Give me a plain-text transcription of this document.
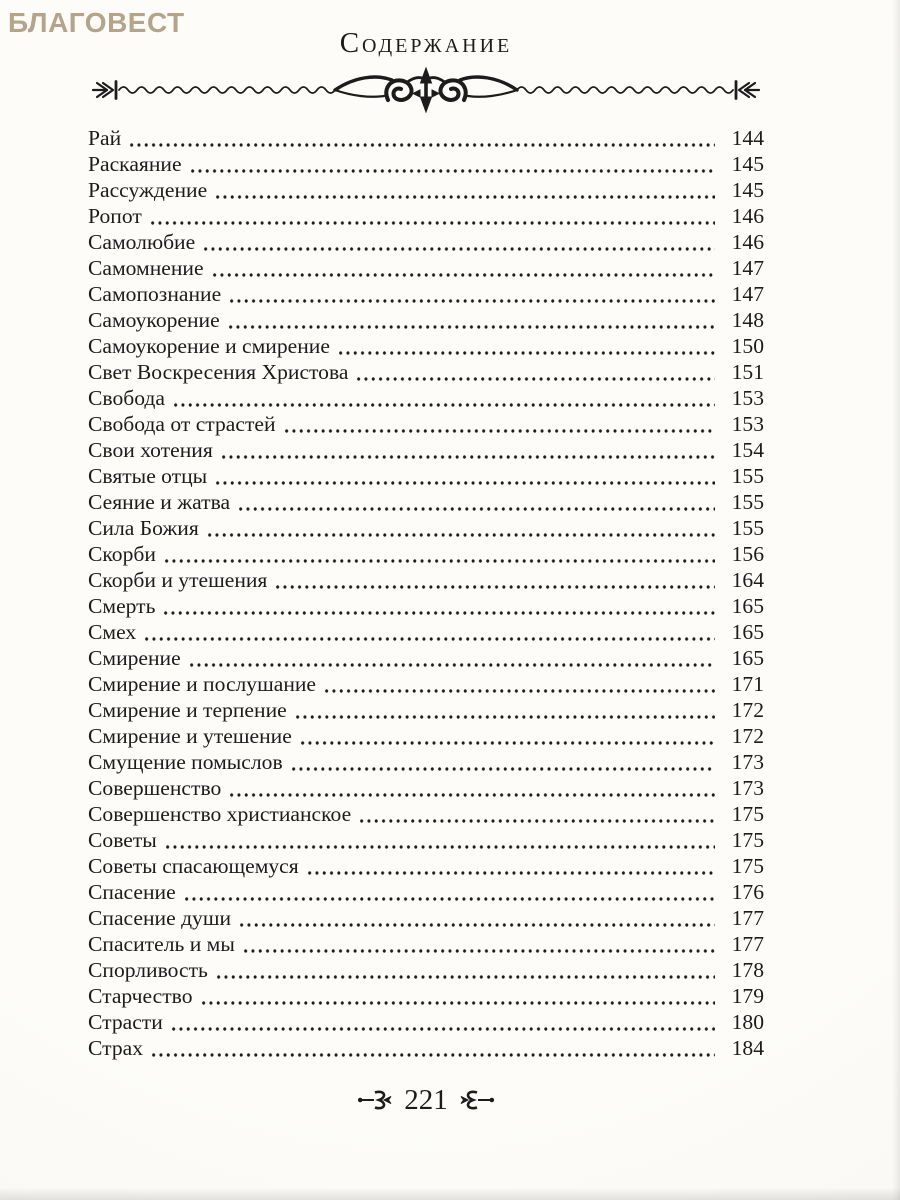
БЛАГОВЕСТ
Содержание
Рай	144
Раскаяние	145
Рассуждение	145
Ропот	146
Самолюбие	146
Самомнение	147
Самопознание	147
Самоукорение	148
Самоукорение и смирение	150
Свет Воскресения Христова	151
Свобода	153
Свобода от страстей	153
Свои хотения	154
Святые отцы	155
Сеяние и жатва	155
Сила Божия	155
Скорби	156
Скорби и утешения	164
Смерть	165
Смех	165
Смирение	165
Смирение и послушание	171
Смирение и терпение	172
Смирение и утешение	172
Смущение помыслов	173
Совершенство	173
Совершенство христианское	175
Советы	175
Советы спасающемуся	175
Спасение	176
Спасение души	177
Спаситель и мы	177
Спорливость	178
Старчество	179
Страсти	180
Страх	184
221
